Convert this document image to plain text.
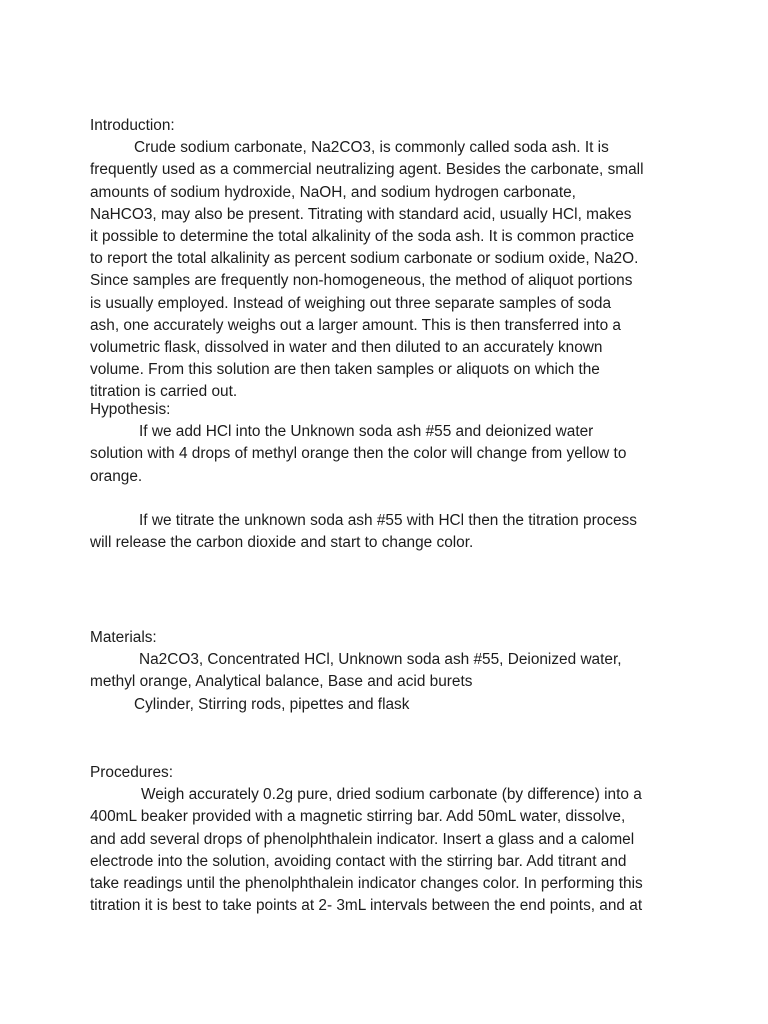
Introduction:
Crude sodium carbonate, Na2CO3, is commonly called soda ash. It is
frequently used as a commercial neutralizing agent. Besides the carbonate, small
amounts of sodium hydroxide, NaOH, and sodium hydrogen carbonate,
NaHCO3, may also be present. Titrating with standard acid, usually HCl, makes
it possible to determine the total alkalinity of the soda ash. It is common practice
to report the total alkalinity as percent sodium carbonate or sodium oxide, Na2O.
Since samples are frequently non-homogeneous, the method of aliquot portions
is usually employed. Instead of weighing out three separate samples of soda
ash, one accurately weighs out a larger amount. This is then transferred into a
volumetric flask, dissolved in water and then diluted to an accurately known
volume. From this solution are then taken samples or aliquots on which the
titration is carried out.
Hypothesis:
If we add HCl into the Unknown soda ash #55 and deionized water
solution with 4 drops of methyl orange then the color will change from yellow to
orange.
If we titrate the unknown soda ash #55 with HCl then the titration process
will release the carbon dioxide and start to change color.
Materials:
Na2CO3, Concentrated HCl, Unknown soda ash #55, Deionized water,
methyl orange, Analytical balance, Base and acid burets
Cylinder, Stirring rods, pipettes and flask
Procedures:
Weigh accurately 0.2g pure, dried sodium carbonate (by difference) into a
400mL beaker provided with a magnetic stirring bar. Add 50mL water, dissolve,
and add several drops of phenolphthalein indicator. Insert a glass and a calomel
electrode into the solution, avoiding contact with the stirring bar. Add titrant and
take readings until the phenolphthalein indicator changes color. In performing this
titration it is best to take points at 2- 3mL intervals between the end points, and at
